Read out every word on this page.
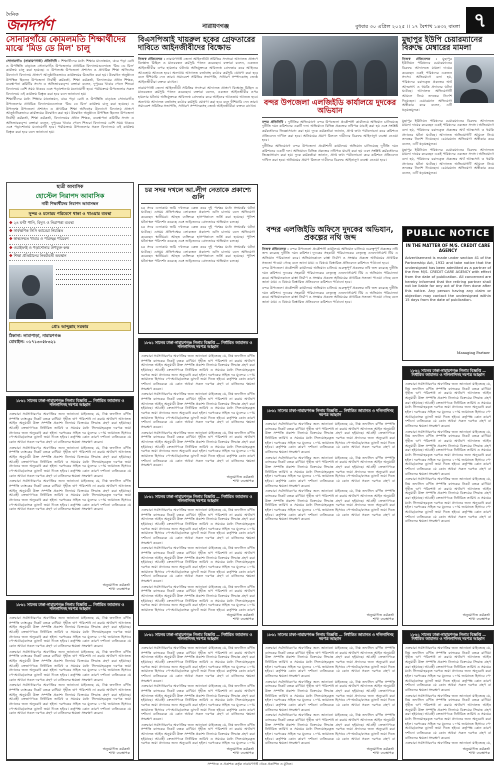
দৈনিক
জনদর্পণ	নারায়ণগঞ্জ	বুধবার ৩০ এপ্রিল ২০২৫ ।। ১৭ বৈশাখ ১৪৩২ বাংলা ৭
সোনারগাঁয়ে কোমলমতি শিক্ষার্থীদের মাঝে 'মিড ডে মিল' চালু

সোনারগাঁও (নারায়ণগঞ্জ) প্রতিনিধি : শিক্ষার্থীদের মধ্যে শিক্ষার মানোন্নয়ন, ঝরে পড়া রোধ ও উপস্থিতি বাড়াতে সোনারগাঁও উপজেলার প্রাথমিক বিদ্যালয়গুলোতে 'মিড ডে মিল' কার্যক্রম চালু করা হয়েছে। এ উপলক্ষে উপজেলা প্রশাসন ও প্রাথমিক শিক্ষা অফিসের উদ্যোগে বিদ্যালয় প্রাঙ্গণে আনুষ্ঠানিকভাবে কার্যক্রমের উদ্বোধন করা হয়। উদ্বোধন অনুষ্ঠানে উপস্থিত ছিলেন উপজেলা নির্বাহী কর্মকর্তা, শিক্ষা কর্মকর্তা, বিদ্যালয়ের প্রধান শিক্ষক, ব্যবস্থাপনা কমিটির সদস্য ও অভিভাবকবৃন্দ। বক্তারা বলেন, দুপুরের খাবার পেলে শিশুরা বিদ্যালয়ে বেশি সময় থাকবে এবং পড়াশোনায় মনোযোগী হবে। পর্যায়ক্রমে উপজেলার সকল বিদ্যালয়ে এই কার্যক্রম বিস্তৃত করা হবে বলে জানানো হয়।

শিক্ষার্থীদের মধ্যে শিক্ষার মানোন্নয়ন, ঝরে পড়া রোধ ও উপস্থিতি বাড়াতে সোনারগাঁও উপজেলার প্রাথমিক বিদ্যালয়গুলোতে 'মিড ডে মিল' কার্যক্রম চালু করা হয়েছে। এ উপলক্ষে উপজেলা প্রশাসন ও প্রাথমিক শিক্ষা অফিসের উদ্যোগে বিদ্যালয় প্রাঙ্গণে আনুষ্ঠানিকভাবে কার্যক্রমের উদ্বোধন করা হয়। উদ্বোধন অনুষ্ঠানে উপস্থিত ছিলেন উপজেলা নির্বাহী কর্মকর্তা, শিক্ষা কর্মকর্তা, বিদ্যালয়ের প্রধান শিক্ষক, ব্যবস্থাপনা কমিটির সদস্য ও অভিভাবকবৃন্দ। বক্তারা বলেন, দুপুরের খাবার পেলে শিশুরা বিদ্যালয়ে বেশি সময় থাকবে এবং পড়াশোনায় মনোযোগী হবে। পর্যায়ক্রমে উপজেলার সকল বিদ্যালয়ে এই কার্যক্রম বিস্তৃত করা হবে বলে জানানো হয়।

বিএসপিআই খায়রুল হকের গ্রেফতারের দাবিতে আইনজীবীদের বিক্ষোভ

নিজস্ব প্রতিবেদক : নারায়ণগঞ্জ জেলা আইনজীবী সমিতির সদস্যরা আদালত প্রাঙ্গণে বিক্ষোভ মিছিল ও মানববন্ধন কর্মসূচি পালন করেছেন। বক্তারা বলেন, একজন আইনজীবীর ওপর হামলার ঘটনায় অভিযুক্তকে অবিলম্বে গ্রেফতার করে আইনের আওতায় আনতে হবে। অন্যথায় আদালত বর্জনসহ কঠোর কর্মসূচি ঘোষণা করা হবে বলে হুঁশিয়ারি দেন তারা। সমাবেশে সমিতির সভাপতি, সাধারণ সম্পাদকসহ জ্যেষ্ঠ আইনজীবীরা বক্তব্য রাখেন।

নারায়ণগঞ্জ জেলা আইনজীবী সমিতির সদস্যরা আদালত প্রাঙ্গণে বিক্ষোভ মিছিল ও মানববন্ধন কর্মসূচি পালন করেছেন। বক্তারা বলেন, একজন আইনজীবীর ওপর হামলার ঘটনায় অভিযুক্তকে অবিলম্বে গ্রেফতার করে আইনের আওতায় আনতে হবে। অন্যথায় আদালত বর্জনসহ কঠোর কর্মসূচি ঘোষণা করা হবে বলে হুঁশিয়ারি দেন তারা। সমাবেশে সমিতির সভাপতি, সাধারণ সম্পাদকসহ জ্যেষ্ঠ আইনজীবীরা বক্তব্য রাখেন। বন্দর উপজেলা এলজিইডি কার্যালয়ে দুদকের অভিযান

বন্দর প্রতিনিধি : দুর্নীতির অভিযোগে বন্দর উপজেলা প্রকৌশলী কার্যালয়ে অভিযান চালিয়েছে দুর্নীতি দমন কমিশনের একটি দল। অভিযানে বিভিন্ন প্রকল্পের নথিপত্র যাচাই করা হয় এবং সংশ্লিষ্ট কর্মকর্তাদের জিজ্ঞাসাবাদ করা হয়। দুদক কর্মকর্তারা জানান, প্রাপ্ত তথ্য পর্যালোচনা করে কমিশনে প্রতিবেদন দাখিল করা হবে। অনিয়মের প্রমাণ মিললে দায়ীদের বিরুদ্ধে আইনানুগ ব্যবস্থা নেওয়া হবে।

দুর্নীতির অভিযোগে বন্দর উপজেলা প্রকৌশলী কার্যালয়ে অভিযান চালিয়েছে দুর্নীতি দমন কমিশনের একটি দল। অভিযানে বিভিন্ন প্রকল্পের নথিপত্র যাচাই করা হয় এবং সংশ্লিষ্ট কর্মকর্তাদের জিজ্ঞাসাবাদ করা হয়। দুদক কর্মকর্তারা জানান, প্রাপ্ত তথ্য পর্যালোচনা করে কমিশনে প্রতিবেদন দাখিল করা হবে। অনিয়মের প্রমাণ মিললে দায়ীদের বিরুদ্ধে আইনানুগ ব্যবস্থা নেওয়া হবে।

মুছাপুর ইউপি চেয়ারম্যানের বিরুদ্ধে মেম্বারের মামলা

নিজস্ব প্রতিবেদক : মুছাপুর ইউনিয়ন পরিষদের চেয়ারম্যানের বিরুদ্ধে আদালতে মামলা দায়ের করেছেন একই পরিষদের একজন সদস্য। অভিযোগে বলা হয়, পরিষদের বরাদ্দকৃত প্রকল্পের অর্থ আত্মসাৎ ও হুমকি প্রদানের ঘটনা ঘটেছে। আদালত অভিযোগটি আমলে নিয়ে তদন্তের নির্দেশ দিয়েছেন। চেয়ারম্যান অভিযোগ অস্বীকার করে বলেন, এটি ষড়যন্ত্রমূলক।

মুছাপুর ইউনিয়ন পরিষদের চেয়ারম্যানের বিরুদ্ধে আদালতে মামলা দায়ের করেছেন একই পরিষদের একজন সদস্য। অভিযোগে বলা হয়, পরিষদের বরাদ্দকৃত প্রকল্পের অর্থ আত্মসাৎ ও হুমকি প্রদানের ঘটনা ঘটেছে। আদালত অভিযোগটি আমলে নিয়ে তদন্তের নির্দেশ দিয়েছেন। চেয়ারম্যান অভিযোগ অস্বীকার করে বলেন, এটি ষড়যন্ত্রমূলক।

মুছাপুর ইউনিয়ন পরিষদের চেয়ারম্যানের বিরুদ্ধে আদালতে মামলা দায়ের করেছেন একই পরিষদের একজন সদস্য। অভিযোগে বলা হয়, পরিষদের বরাদ্দকৃত প্রকল্পের অর্থ আত্মসাৎ ও হুমকি প্রদানের ঘটনা ঘটেছে। আদালত অভিযোগটি আমলে নিয়ে তদন্তের নির্দেশ দিয়েছেন। চেয়ারম্যান অভিযোগ অস্বীকার করে বলেন, এটি ষড়যন্ত্রমূলক।

ছাত্রী আবাসিক
হোস্টেল নিরাপদ আবাসিক
নারী শিক্ষার্থীদের নিরাপদ আবাসস্থল
সুন্দর ও মনোরম পরিবেশে থাকা ও খাওয়ার ব্যবস্থা
❖ ২৪ ঘণ্টা পানি, বিদ্যুৎ ও নিরাপত্তা ব্যবস্থা
❖ সার্বক্ষণিক সিসি ক্যামেরা নিয়ন্ত্রিত
❖ স্বাস্থ্যসম্মত খাবার ও পরিচ্ছন্ন পরিবেশ
❖ ওয়াইফাই ও পড়াশোনার উপযুক্ত কক্ষ
❖ শিক্ষা প্রতিষ্ঠানের নিকটবর্তী অবস্থান
প্রোঃ আব্দুল্লাহ সরকার
ঠিকানা: লামাপাড়া, নারায়ণগঞ্জ
মোবাইল: ০১৭১৩০৫৮৩২১
চর সদর দখলে আ.লীগ নেতাকে প্রকাশ্যে গুলি

চর সদর এলাকায় জমি দখলকে কেন্দ্র করে দুই পক্ষের মধ্যে সংঘর্ষের ঘটনা ঘটেছে। এসময় প্রতিপক্ষের লোকজন প্রকাশ্যে গুলি চালায় বলে অভিযোগ করেছেন স্থানীয়রা। আহত ব্যক্তিকে হাসপাতালে ভর্তি করা হয়েছে। পুলিশ ঘটনাস্থল পরিদর্শন করেছে এবং জড়িতদের গ্রেফতারে অভিযান চলছে।

চর সদর এলাকায় জমি দখলকে কেন্দ্র করে দুই পক্ষের মধ্যে সংঘর্ষের ঘটনা ঘটেছে। এসময় প্রতিপক্ষের লোকজন প্রকাশ্যে গুলি চালায় বলে অভিযোগ করেছেন স্থানীয়রা। আহত ব্যক্তিকে হাসপাতালে ভর্তি করা হয়েছে। পুলিশ ঘটনাস্থল পরিদর্শন করেছে এবং জড়িতদের গ্রেফতারে অভিযান চলছে।

চর সদর এলাকায় জমি দখলকে কেন্দ্র করে দুই পক্ষের মধ্যে সংঘর্ষের ঘটনা ঘটেছে। এসময় প্রতিপক্ষের লোকজন প্রকাশ্যে গুলি চালায় বলে অভিযোগ করেছেন স্থানীয়রা। আহত ব্যক্তিকে হাসপাতালে ভর্তি করা হয়েছে। পুলিশ ঘটনাস্থল পরিদর্শন করেছে এবং জড়িতদের গ্রেফতারে অভিযান চলছে।

বন্দর এলজিইডি অফিসে দুদকের অভিযান, প্রকল্পের নথি জব্দ

নিজস্ব প্রতিবেদক : বন্দর উপজেলা প্রকৌশলী কার্যালয়ে অভিযান চালিয়ে গুরুত্বপূর্ণ প্রকল্পের নথি জব্দ করেছে দুর্নীতি দমন কমিশন। দুদকের সহকারী পরিচালকের নেতৃত্বে এনফোর্সমেন্ট টিম এ অভিযান পরিচালনা করে। অভিযানকালে রাস্তা নির্মাণ ও সংস্কার প্রকল্পে অনিয়মের প্রাথমিক সত্যতা পাওয়া গেছে বলে জানা যায়। এ বিষয়ে বিস্তারিত প্রতিবেদন কমিশনে পাঠানো হবে।

বন্দর উপজেলা প্রকৌশলী কার্যালয়ে অভিযান চালিয়ে গুরুত্বপূর্ণ প্রকল্পের নথি জব্দ করেছে দুর্নীতি দমন কমিশন। দুদকের সহকারী পরিচালকের নেতৃত্বে এনফোর্সমেন্ট টিম এ অভিযান পরিচালনা করে। অভিযানকালে রাস্তা নির্মাণ ও সংস্কার প্রকল্পে অনিয়মের প্রাথমিক সত্যতা পাওয়া গেছে বলে জানা যায়। এ বিষয়ে বিস্তারিত প্রতিবেদন কমিশনে পাঠানো হবে।

বন্দর উপজেলা প্রকৌশলী কার্যালয়ে অভিযান চালিয়ে গুরুত্বপূর্ণ প্রকল্পের নথি জব্দ করেছে দুর্নীতি দমন কমিশন। দুদকের সহকারী পরিচালকের নেতৃত্বে এনফোর্সমেন্ট টিম এ অভিযান পরিচালনা করে। অভিযানকালে রাস্তা নির্মাণ ও সংস্কার প্রকল্পে অনিয়মের প্রাথমিক সত্যতা পাওয়া গেছে বলে জানা যায়। এ বিষয়ে বিস্তারিত প্রতিবেদন কমিশনে পাঠানো হবে।

PUBLIC NOTICE
IN THE MATTER OF M/S. CREDIT CARE AGENCY
Advertisement is made under section 41 of the Partnership Act, 1932 and take notice that the undersigned has been admitted as a partner of the firm M/S. CREDIT CARE AGENCY with effect from the date of publication. All concerned are hereby informed that the retiring partner shall not be liable for any act of the firm done after this notice. Any person having any claim or objection may contact the undersigned within 15 days from the date of publication.
Managing Partner
১৮৬১ সালের ঢাকা-নারায়ণগঞ্জ নিলাম বিজ্ঞপ্তি — নির্ধারিত জামানত ও দলিলাদিসহ দরপত্র আহ্বান

এতদ্বারা সর্বসাধারণের অবগতির জন্য জানানো যাইতেছে যে, নিম্ন তফসিল বর্ণিত সম্পত্তি ব্যাংকের নিকট বন্ধক রাখিয়া গৃহীত ঋণ পরিশোধ না করায় অর্থঋণ আদালত আইন অনুযায়ী উক্ত সম্পত্তি প্রকাশ্য নিলামে বিক্রয়ের সিদ্ধান্ত গ্রহণ করা হইয়াছে। আগ্রহী ক্রেতাগণকে নির্ধারিত তারিখ ও সময়ের মধ্যে সিলমোহরকৃত দরপত্র জমা প্রদানের জন্য অনুরোধ করা হইল। দরপত্রের সহিত দর মূল্যের ১০% জামানত হিসাবে পে-অর্ডার/ব্যাংক ড্রাফট জমা দিতে হইবে। কর্তৃপক্ষ কোন কারণ দর্শানো ব্যতিরেকে যে কোন অথবা সকল দরপত্র গ্রহণ বা বাতিলের ক্ষমতা সংরক্ষণ করেন।

এতদ্বারা সর্বসাধারণের অবগতির জন্য জানানো যাইতেছে যে, নিম্ন তফসিল বর্ণিত সম্পত্তি ব্যাংকের নিকট বন্ধক রাখিয়া গৃহীত ঋণ পরিশোধ না করায় অর্থঋণ আদালত আইন অনুযায়ী উক্ত সম্পত্তি প্রকাশ্য নিলামে বিক্রয়ের সিদ্ধান্ত গ্রহণ করা হইয়াছে। আগ্রহী ক্রেতাগণকে নির্ধারিত তারিখ ও সময়ের মধ্যে সিলমোহরকৃত দরপত্র জমা প্রদানের জন্য অনুরোধ করা হইল। দরপত্রের সহিত দর মূল্যের ১০% জামানত হিসাবে পে-অর্ডার/ব্যাংক ড্রাফট জমা দিতে হইবে। কর্তৃপক্ষ কোন কারণ দর্শানো ব্যতিরেকে যে কোন অথবা সকল দরপত্র গ্রহণ বা বাতিলের ক্ষমতা সংরক্ষণ করেন।

এতদ্বারা সর্বসাধারণের অবগতির জন্য জানানো যাইতেছে যে, নিম্ন তফসিল বর্ণিত সম্পত্তি ব্যাংকের নিকট বন্ধক রাখিয়া গৃহীত ঋণ পরিশোধ না করায় অর্থঋণ আদালত আইন অনুযায়ী উক্ত সম্পত্তি প্রকাশ্য নিলামে বিক্রয়ের সিদ্ধান্ত গ্রহণ করা হইয়াছে। আগ্রহী ক্রেতাগণকে নির্ধারিত তারিখ ও সময়ের মধ্যে সিলমোহরকৃত দরপত্র জমা প্রদানের জন্য অনুরোধ করা হইল। দরপত্রের সহিত দর মূল্যের ১০% জামানত হিসাবে পে-অর্ডার/ব্যাংক ড্রাফট জমা দিতে হইবে। কর্তৃপক্ষ কোন কারণ দর্শানো ব্যতিরেকে যে কোন অথবা সকল দরপত্র গ্রহণ বা বাতিলের ক্ষমতা সংরক্ষণ করেন।

অনুমোদিত কর্মকর্তা
শাখা ব্যবস্থাপক
১৮৬১ সালের ঢাকা-নারায়ণগঞ্জ নিলাম বিজ্ঞপ্তি — নির্ধারিত জামানত ও দলিলাদিসহ দরপত্র আহ্বান

এতদ্বারা সর্বসাধারণের অবগতির জন্য জানানো যাইতেছে যে, নিম্ন তফসিল বর্ণিত সম্পত্তি ব্যাংকের নিকট বন্ধক রাখিয়া গৃহীত ঋণ পরিশোধ না করায় অর্থঋণ আদালত আইন অনুযায়ী উক্ত সম্পত্তি প্রকাশ্য নিলামে বিক্রয়ের সিদ্ধান্ত গ্রহণ করা হইয়াছে। আগ্রহী ক্রেতাগণকে নির্ধারিত তারিখ ও সময়ের মধ্যে সিলমোহরকৃত দরপত্র জমা প্রদানের জন্য অনুরোধ করা হইল। দরপত্রের সহিত দর মূল্যের ১০% জামানত হিসাবে পে-অর্ডার/ব্যাংক ড্রাফট জমা দিতে হইবে। কর্তৃপক্ষ কোন কারণ দর্শানো ব্যতিরেকে যে কোন অথবা সকল দরপত্র গ্রহণ বা বাতিলের ক্ষমতা সংরক্ষণ করেন।

এতদ্বারা সর্বসাধারণের অবগতির জন্য জানানো যাইতেছে যে, নিম্ন তফসিল বর্ণিত সম্পত্তি ব্যাংকের নিকট বন্ধক রাখিয়া গৃহীত ঋণ পরিশোধ না করায় অর্থঋণ আদালত আইন অনুযায়ী উক্ত সম্পত্তি প্রকাশ্য নিলামে বিক্রয়ের সিদ্ধান্ত গ্রহণ করা হইয়াছে। আগ্রহী ক্রেতাগণকে নির্ধারিত তারিখ ও সময়ের মধ্যে সিলমোহরকৃত দরপত্র জমা প্রদানের জন্য অনুরোধ করা হইল। দরপত্রের সহিত দর মূল্যের ১০% জামানত হিসাবে পে-অর্ডার/ব্যাংক ড্রাফট জমা দিতে হইবে। কর্তৃপক্ষ কোন কারণ দর্শানো ব্যতিরেকে যে কোন অথবা সকল দরপত্র গ্রহণ বা বাতিলের ক্ষমতা সংরক্ষণ করেন।

এতদ্বারা সর্বসাধারণের অবগতির জন্য জানানো যাইতেছে যে, নিম্ন তফসিল বর্ণিত সম্পত্তি ব্যাংকের নিকট বন্ধক রাখিয়া গৃহীত ঋণ পরিশোধ না করায় অর্থঋণ আদালত আইন অনুযায়ী উক্ত সম্পত্তি প্রকাশ্য নিলামে বিক্রয়ের সিদ্ধান্ত গ্রহণ করা হইয়াছে। আগ্রহী ক্রেতাগণকে নির্ধারিত তারিখ ও সময়ের মধ্যে সিলমোহরকৃত দরপত্র জমা প্রদানের জন্য অনুরোধ করা হইল। দরপত্রের সহিত দর মূল্যের ১০% জামানত হিসাবে পে-অর্ডার/ব্যাংক ড্রাফট জমা দিতে হইবে। কর্তৃপক্ষ কোন কারণ দর্শানো ব্যতিরেকে যে কোন অথবা সকল দরপত্র গ্রহণ বা বাতিলের ক্ষমতা সংরক্ষণ করেন।

অনুমোদিত কর্মকর্তা
শাখা ব্যবস্থাপক
১৮৬১ সালের ঢাকা-নারায়ণগঞ্জ নিলাম বিজ্ঞপ্তি — নির্ধারিত জামানত ও দলিলাদিসহ দরপত্র আহ্বান

এতদ্বারা সর্বসাধারণের অবগতির জন্য জানানো যাইতেছে যে, নিম্ন তফসিল বর্ণিত সম্পত্তি ব্যাংকের নিকট বন্ধক রাখিয়া গৃহীত ঋণ পরিশোধ না করায় অর্থঋণ আদালত আইন অনুযায়ী উক্ত সম্পত্তি প্রকাশ্য নিলামে বিক্রয়ের সিদ্ধান্ত গ্রহণ করা হইয়াছে। আগ্রহী ক্রেতাগণকে নির্ধারিত তারিখ ও সময়ের মধ্যে সিলমোহরকৃত দরপত্র জমা প্রদানের জন্য অনুরোধ করা হইল। দরপত্রের সহিত দর মূল্যের ১০% জামানত হিসাবে পে-অর্ডার/ব্যাংক ড্রাফট জমা দিতে হইবে। কর্তৃপক্ষ কোন কারণ দর্শানো ব্যতিরেকে যে কোন অথবা সকল দরপত্র গ্রহণ বা বাতিলের ক্ষমতা সংরক্ষণ করেন।

এতদ্বারা সর্বসাধারণের অবগতির জন্য জানানো যাইতেছে যে, নিম্ন তফসিল বর্ণিত সম্পত্তি ব্যাংকের নিকট বন্ধক রাখিয়া গৃহীত ঋণ পরিশোধ না করায় অর্থঋণ আদালত আইন অনুযায়ী উক্ত সম্পত্তি প্রকাশ্য নিলামে বিক্রয়ের সিদ্ধান্ত গ্রহণ করা হইয়াছে। আগ্রহী ক্রেতাগণকে নির্ধারিত তারিখ ও সময়ের মধ্যে সিলমোহরকৃত দরপত্র জমা প্রদানের জন্য অনুরোধ করা হইল। দরপত্রের সহিত দর মূল্যের ১০% জামানত হিসাবে পে-অর্ডার/ব্যাংক ড্রাফট জমা দিতে হইবে। কর্তৃপক্ষ কোন কারণ দর্শানো ব্যতিরেকে যে কোন অথবা সকল দরপত্র গ্রহণ বা বাতিলের ক্ষমতা সংরক্ষণ করেন।

এতদ্বারা সর্বসাধারণের অবগতির জন্য জানানো যাইতেছে যে, নিম্ন তফসিল বর্ণিত সম্পত্তি ব্যাংকের নিকট বন্ধক রাখিয়া গৃহীত ঋণ পরিশোধ না করায় অর্থঋণ আদালত আইন অনুযায়ী উক্ত সম্পত্তি প্রকাশ্য নিলামে বিক্রয়ের সিদ্ধান্ত গ্রহণ করা হইয়াছে। আগ্রহী ক্রেতাগণকে নির্ধারিত তারিখ ও সময়ের মধ্যে সিলমোহরকৃত দরপত্র জমা প্রদানের জন্য অনুরোধ করা হইল। দরপত্রের সহিত দর মূল্যের ১০% জামানত হিসাবে পে-অর্ডার/ব্যাংক ড্রাফট জমা দিতে হইবে। কর্তৃপক্ষ কোন কারণ দর্শানো ব্যতিরেকে যে কোন অথবা সকল দরপত্র গ্রহণ বা বাতিলের ক্ষমতা সংরক্ষণ করেন।

অনুমোদিত কর্মকর্তা
শাখা ব্যবস্থাপক
১৮৬১ সালের ঢাকা-নারায়ণগঞ্জ নিলাম বিজ্ঞপ্তি — নির্ধারিত জামানত ও দলিলাদিসহ দরপত্র আহ্বান

এতদ্বারা সর্বসাধারণের অবগতির জন্য জানানো যাইতেছে যে, নিম্ন তফসিল বর্ণিত সম্পত্তি ব্যাংকের নিকট বন্ধক রাখিয়া গৃহীত ঋণ পরিশোধ না করায় অর্থঋণ আদালত আইন অনুযায়ী উক্ত সম্পত্তি প্রকাশ্য নিলামে বিক্রয়ের সিদ্ধান্ত গ্রহণ করা হইয়াছে। আগ্রহী ক্রেতাগণকে নির্ধারিত তারিখ ও সময়ের মধ্যে সিলমোহরকৃত দরপত্র জমা প্রদানের জন্য অনুরোধ করা হইল। দরপত্রের সহিত দর মূল্যের ১০% জামানত হিসাবে পে-অর্ডার/ব্যাংক ড্রাফট জমা দিতে হইবে। কর্তৃপক্ষ কোন কারণ দর্শানো ব্যতিরেকে যে কোন অথবা সকল দরপত্র গ্রহণ বা বাতিলের ক্ষমতা সংরক্ষণ করেন।

এতদ্বারা সর্বসাধারণের অবগতির জন্য জানানো যাইতেছে যে, নিম্ন তফসিল বর্ণিত সম্পত্তি ব্যাংকের নিকট বন্ধক রাখিয়া গৃহীত ঋণ পরিশোধ না করায় অর্থঋণ আদালত আইন অনুযায়ী উক্ত সম্পত্তি প্রকাশ্য নিলামে বিক্রয়ের সিদ্ধান্ত গ্রহণ করা হইয়াছে। আগ্রহী ক্রেতাগণকে নির্ধারিত তারিখ ও সময়ের মধ্যে সিলমোহরকৃত দরপত্র জমা প্রদানের জন্য অনুরোধ করা হইল। দরপত্রের সহিত দর মূল্যের ১০% জামানত হিসাবে পে-অর্ডার/ব্যাংক ড্রাফট জমা দিতে হইবে। কর্তৃপক্ষ কোন কারণ দর্শানো ব্যতিরেকে যে কোন অথবা সকল দরপত্র গ্রহণ বা বাতিলের ক্ষমতা সংরক্ষণ করেন।

এতদ্বারা সর্বসাধারণের অবগতির জন্য জানানো যাইতেছে যে, নিম্ন তফসিল বর্ণিত সম্পত্তি ব্যাংকের নিকট বন্ধক রাখিয়া গৃহীত ঋণ পরিশোধ না করায় অর্থঋণ আদালত আইন অনুযায়ী উক্ত সম্পত্তি প্রকাশ্য নিলামে বিক্রয়ের সিদ্ধান্ত গ্রহণ করা হইয়াছে। আগ্রহী ক্রেতাগণকে নির্ধারিত তারিখ ও সময়ের মধ্যে সিলমোহরকৃত দরপত্র জমা প্রদানের জন্য অনুরোধ করা হইল। দরপত্রের সহিত দর মূল্যের ১০% জামানত হিসাবে পে-অর্ডার/ব্যাংক ড্রাফট জমা দিতে হইবে। কর্তৃপক্ষ কোন কারণ দর্শানো ব্যতিরেকে যে কোন অথবা সকল দরপত্র গ্রহণ বা বাতিলের ক্ষমতা সংরক্ষণ করেন।

অনুমোদিত কর্মকর্তা
শাখা ব্যবস্থাপক
১৮৬১ সালের ঢাকা-নারায়ণগঞ্জ নিলাম বিজ্ঞপ্তি — নির্ধারিত জামানত ও দলিলাদিসহ দরপত্র আহ্বান

এতদ্বারা সর্বসাধারণের অবগতির জন্য জানানো যাইতেছে যে, নিম্ন তফসিল বর্ণিত সম্পত্তি ব্যাংকের নিকট বন্ধক রাখিয়া গৃহীত ঋণ পরিশোধ না করায় অর্থঋণ আদালত আইন অনুযায়ী উক্ত সম্পত্তি প্রকাশ্য নিলামে বিক্রয়ের সিদ্ধান্ত গ্রহণ করা হইয়াছে। আগ্রহী ক্রেতাগণকে নির্ধারিত তারিখ ও সময়ের মধ্যে সিলমোহরকৃত দরপত্র জমা প্রদানের জন্য অনুরোধ করা হইল। দরপত্রের সহিত দর মূল্যের ১০% জামানত হিসাবে পে-অর্ডার/ব্যাংক ড্রাফট জমা দিতে হইবে। কর্তৃপক্ষ কোন কারণ দর্শানো ব্যতিরেকে যে কোন অথবা সকল দরপত্র গ্রহণ বা বাতিলের ক্ষমতা সংরক্ষণ করেন।

এতদ্বারা সর্বসাধারণের অবগতির জন্য জানানো যাইতেছে যে, নিম্ন তফসিল বর্ণিত সম্পত্তি ব্যাংকের নিকট বন্ধক রাখিয়া গৃহীত ঋণ পরিশোধ না করায় অর্থঋণ আদালত আইন অনুযায়ী উক্ত সম্পত্তি প্রকাশ্য নিলামে বিক্রয়ের সিদ্ধান্ত গ্রহণ করা হইয়াছে। আগ্রহী ক্রেতাগণকে নির্ধারিত তারিখ ও সময়ের মধ্যে সিলমোহরকৃত দরপত্র জমা প্রদানের জন্য অনুরোধ করা হইল। দরপত্রের সহিত দর মূল্যের ১০% জামানত হিসাবে পে-অর্ডার/ব্যাংক ড্রাফট জমা দিতে হইবে। কর্তৃপক্ষ কোন কারণ দর্শানো ব্যতিরেকে যে কোন অথবা সকল দরপত্র গ্রহণ বা বাতিলের ক্ষমতা সংরক্ষণ করেন।

এতদ্বারা সর্বসাধারণের অবগতির জন্য জানানো যাইতেছে যে, নিম্ন তফসিল বর্ণিত সম্পত্তি ব্যাংকের নিকট বন্ধক রাখিয়া গৃহীত ঋণ পরিশোধ না করায় অর্থঋণ আদালত আইন অনুযায়ী উক্ত সম্পত্তি প্রকাশ্য নিলামে বিক্রয়ের সিদ্ধান্ত গ্রহণ করা হইয়াছে। আগ্রহী ক্রেতাগণকে নির্ধারিত তারিখ ও সময়ের মধ্যে সিলমোহরকৃত দরপত্র জমা প্রদানের জন্য অনুরোধ করা হইল। দরপত্রের সহিত দর মূল্যের ১০% জামানত হিসাবে পে-অর্ডার/ব্যাংক ড্রাফট জমা দিতে হইবে। কর্তৃপক্ষ কোন কারণ

অনুমোদিত কর্মকর্তা
শাখা ব্যবস্থাপক
১৮৬১ সালের ঢাকা-নারায়ণগঞ্জ নিলাম বিজ্ঞপ্তি — নির্ধারিত জামানত ও দলিলাদিসহ দরপত্র আহ্বান

এতদ্বারা সর্বসাধারণের অবগতির জন্য জানানো যাইতেছে যে, নিম্ন তফসিল বর্ণিত সম্পত্তি ব্যাংকের নিকট বন্ধক রাখিয়া গৃহীত ঋণ পরিশোধ না করায় অর্থঋণ আদালত আইন অনুযায়ী উক্ত সম্পত্তি প্রকাশ্য নিলামে বিক্রয়ের সিদ্ধান্ত গ্রহণ করা হইয়াছে। আগ্রহী ক্রেতাগণকে নির্ধারিত তারিখ ও সময়ের মধ্যে সিলমোহরকৃত দরপত্র জমা প্রদানের জন্য অনুরোধ করা হইল। দরপত্রের সহিত দর মূল্যের ১০% জামানত হিসাবে পে-অর্ডার/ব্যাংক ড্রাফট জমা দিতে হইবে। কর্তৃপক্ষ কোন কারণ দর্শানো ব্যতিরেকে যে কোন অথবা সকল দরপত্র গ্রহণ বা বাতিলের ক্ষমতা সংরক্ষণ করেন।

এতদ্বারা সর্বসাধারণের অবগতির জন্য জানানো যাইতেছে যে, নিম্ন তফসিল বর্ণিত সম্পত্তি ব্যাংকের নিকট বন্ধক রাখিয়া গৃহীত ঋণ পরিশোধ না করায় অর্থঋণ আদালত আইন অনুযায়ী উক্ত সম্পত্তি প্রকাশ্য নিলামে বিক্রয়ের সিদ্ধান্ত গ্রহণ করা হইয়াছে। আগ্রহী ক্রেতাগণকে নির্ধারিত তারিখ ও সময়ের মধ্যে সিলমোহরকৃত দরপত্র জমা প্রদানের জন্য অনুরোধ করা হইল। দরপত্রের সহিত দর মূল্যের ১০% জামানত হিসাবে পে-অর্ডার/ব্যাংক ড্রাফট জমা দিতে হইবে। কর্তৃপক্ষ কোন কারণ দর্শানো ব্যতিরেকে যে কোন অথবা সকল দরপত্র গ্রহণ বা বাতিলের ক্ষমতা সংরক্ষণ করেন।

এতদ্বারা সর্বসাধারণের অবগতির জন্য জানানো যাইতেছে যে, নিম্ন তফসিল বর্ণিত সম্পত্তি ব্যাংকের নিকট বন্ধক রাখিয়া গৃহীত ঋণ পরিশোধ না করায় অর্থঋণ আদালত আইন অনুযায়ী উক্ত সম্পত্তি প্রকাশ্য নিলামে বিক্রয়ের সিদ্ধান্ত গ্রহণ করা হইয়াছে। আগ্রহী ক্রেতাগণকে নির্ধারিত তারিখ ও সময়ের মধ্যে সিলমোহরকৃত দরপত্র জমা প্রদানের জন্য অনুরোধ করা হইল। দরপত্রের সহিত দর মূল্যের ১০% জামানত হিসাবে পে-অর্ডার/ব্যাংক ড্রাফট জমা দিতে হইবে। কর্তৃপক্ষ কোন কারণ দর্শানো ব্যতিরেকে যে কোন অথবা সকল দরপত্র গ্রহণ বা বাতিলের ক্ষমতা সংরক্ষণ করেন।

অনুমোদিত কর্মকর্তা
শাখা ব্যবস্থাপক
১৮৬১ সালের ঢাকা-নারায়ণগঞ্জ নিলাম বিজ্ঞপ্তি — নির্ধারিত জামানত ও দলিলাদিসহ দরপত্র আহ্বান

এতদ্বারা সর্বসাধারণের অবগতির জন্য জানানো যাইতেছে যে, নিম্ন তফসিল বর্ণিত সম্পত্তি ব্যাংকের নিকট বন্ধক রাখিয়া গৃহীত ঋণ পরিশোধ না করায় অর্থঋণ আদালত আইন অনুযায়ী উক্ত সম্পত্তি প্রকাশ্য নিলামে বিক্রয়ের সিদ্ধান্ত গ্রহণ করা হইয়াছে। আগ্রহী ক্রেতাগণকে নির্ধারিত তারিখ ও সময়ের মধ্যে সিলমোহরকৃত দরপত্র জমা প্রদানের জন্য অনুরোধ করা হইল। দরপত্রের সহিত দর মূল্যের ১০% জামানত হিসাবে পে-অর্ডার/ব্যাংক ড্রাফট জমা দিতে হইবে। কর্তৃপক্ষ কোন কারণ দর্শানো ব্যতিরেকে যে কোন অথবা সকল দরপত্র গ্রহণ বা বাতিলের ক্ষমতা সংরক্ষণ করেন।

এতদ্বারা সর্বসাধারণের অবগতির জন্য জানানো যাইতেছে যে, নিম্ন তফসিল বর্ণিত সম্পত্তি ব্যাংকের নিকট বন্ধক রাখিয়া গৃহীত ঋণ পরিশোধ না করায় অর্থঋণ আদালত আইন অনুযায়ী উক্ত সম্পত্তি প্রকাশ্য নিলামে বিক্রয়ের সিদ্ধান্ত গ্রহণ করা হইয়াছে। আগ্রহী ক্রেতাগণকে নির্ধারিত তারিখ ও সময়ের মধ্যে সিলমোহরকৃত দরপত্র জমা প্রদানের জন্য অনুরোধ করা হইল। দরপত্রের সহিত দর মূল্যের ১০% জামানত হিসাবে পে-অর্ডার/ব্যাংক ড্রাফট জমা দিতে হইবে। কর্তৃপক্ষ কোন কারণ দর্শানো ব্যতিরেকে যে কোন অথবা সকল দরপত্র গ্রহণ বা বাতিলের ক্ষমতা সংরক্ষণ করেন।

এতদ্বারা সর্বসাধারণের অবগতির জন্য জানানো যাইতেছে যে, নিম্ন তফসিল বর্ণিত সম্পত্তি ব্যাংকের নিকট বন্ধক রাখিয়া গৃহীত ঋণ পরিশোধ না করায় অর্থঋণ আদালত আইন অনুযায়ী উক্ত সম্পত্তি প্রকাশ্য নিলামে বিক্রয়ের সিদ্ধান্ত গ্রহণ করা হইয়াছে। আগ্রহী ক্রেতাগণকে নির্ধারিত তারিখ ও সময়ের মধ্যে সিলমোহরকৃত দরপত্র জমা প্রদানের জন্য অনুরোধ করা হইল। দরপত্রের সহিত দর মূল্যের ১০%

অনুমোদিত কর্মকর্তা
শাখা ব্যবস্থাপক
১৮৬১ সালের ঢাকা-নারায়ণগঞ্জ নিলাম বিজ্ঞপ্তি — নির্ধারিত জামানত ও দলিলাদিসহ দরপত্র আহ্বান

এতদ্বারা সর্বসাধারণের অবগতির জন্য জানানো যাইতেছে যে, নিম্ন তফসিল বর্ণিত সম্পত্তি ব্যাংকের নিকট বন্ধক রাখিয়া গৃহীত ঋণ পরিশোধ না করায় অর্থঋণ আদালত আইন অনুযায়ী উক্ত সম্পত্তি প্রকাশ্য নিলামে বিক্রয়ের সিদ্ধান্ত গ্রহণ করা হইয়াছে। আগ্রহী ক্রেতাগণকে নির্ধারিত তারিখ ও সময়ের মধ্যে সিলমোহরকৃত দরপত্র জমা প্রদানের জন্য অনুরোধ করা হইল। দরপত্রের সহিত দর মূল্যের ১০% জামানত হিসাবে পে-অর্ডার/ব্যাংক ড্রাফট জমা দিতে হইবে। কর্তৃপক্ষ কোন কারণ দর্শানো ব্যতিরেকে যে কোন অথবা সকল দরপত্র গ্রহণ বা বাতিলের ক্ষমতা সংরক্ষণ করেন।

এতদ্বারা সর্বসাধারণের অবগতির জন্য জানানো যাইতেছে যে, নিম্ন তফসিল বর্ণিত সম্পত্তি ব্যাংকের নিকট বন্ধক রাখিয়া গৃহীত ঋণ পরিশোধ না করায় অর্থঋণ আদালত আইন অনুযায়ী উক্ত সম্পত্তি প্রকাশ্য নিলামে বিক্রয়ের সিদ্ধান্ত গ্রহণ করা হইয়াছে। আগ্রহী ক্রেতাগণকে নির্ধারিত তারিখ ও সময়ের মধ্যে সিলমোহরকৃত দরপত্র জমা প্রদানের জন্য অনুরোধ করা হইল। দরপত্রের সহিত দর মূল্যের ১০% জামানত হিসাবে পে-অর্ডার/ব্যাংক ড্রাফট জমা দিতে হইবে। কর্তৃপক্ষ কোন কারণ দর্শানো ব্যতিরেকে যে কোন অথবা সকল দরপত্র গ্রহণ বা বাতিলের ক্ষমতা সংরক্ষণ করেন।

এতদ্বারা সর্বসাধারণের অবগতির জন্য জানানো যাইতেছে যে, নিম্ন তফসিল বর্ণিত সম্পত্তি ব্যাংকের নিকট বন্ধক রাখিয়া গৃহীত ঋণ পরিশোধ না করায় অর্থঋণ আদালত আইন অনুযায়ী উক্ত সম্পত্তি প্রকাশ্য নিলামে বিক্রয়ের সিদ্ধান্ত গ্রহণ করা হইয়াছে। আগ্রহী ক্রেতাগণকে নির্ধারিত তারিখ ও সময়ের মধ্যে সিলমোহরকৃত দরপত্র জমা প্রদানের জন্য অনুরোধ করা হইল। দরপত্রের সহিত দর মূল্যের ১০% জামানত হিসাবে পে-অর্ডার/ব্যাংক ড্রাফট জমা দিতে হইবে। কর্তৃপক্ষ কোন কারণ দর্শানো ব্যতিরেকে যে কোন অথবা সকল দরপত্র গ্রহণ বা বাতিলের ক্ষমতা সংরক্ষণ করেন।

অনুমোদিত কর্মকর্তা
শাখা ব্যবস্থাপক
১৮৬১ সালের ঢাকা-নারায়ণগঞ্জ নিলাম বিজ্ঞপ্তি — নির্ধারিত জামানত ও দলিলাদিসহ দরপত্র আহ্বান

এতদ্বারা সর্বসাধারণের অবগতির জন্য জানানো যাইতেছে যে, নিম্ন তফসিল বর্ণিত সম্পত্তি ব্যাংকের নিকট বন্ধক রাখিয়া গৃহীত ঋণ পরিশোধ না করায় অর্থঋণ আদালত আইন অনুযায়ী উক্ত সম্পত্তি প্রকাশ্য নিলামে বিক্রয়ের সিদ্ধান্ত গ্রহণ করা হইয়াছে। আগ্রহী ক্রেতাগণকে নির্ধারিত তারিখ ও সময়ের মধ্যে সিলমোহরকৃত দরপত্র জমা প্রদানের জন্য অনুরোধ করা হইল। দরপত্রের সহিত দর মূল্যের ১০% জামানত হিসাবে পে-অর্ডার/ব্যাংক ড্রাফট জমা দিতে হইবে। কর্তৃপক্ষ কোন কারণ দর্শানো ব্যতিরেকে যে কোন অথবা সকল দরপত্র গ্রহণ বা বাতিলের ক্ষমতা সংরক্ষণ করেন।

এতদ্বারা সর্বসাধারণের অবগতির জন্য জানানো যাইতেছে যে, নিম্ন তফসিল বর্ণিত সম্পত্তি ব্যাংকের নিকট বন্ধক রাখিয়া গৃহীত ঋণ পরিশোধ না করায় অর্থঋণ আদালত আইন অনুযায়ী উক্ত সম্পত্তি প্রকাশ্য নিলামে বিক্রয়ের সিদ্ধান্ত গ্রহণ করা হইয়াছে। আগ্রহী ক্রেতাগণকে নির্ধারিত তারিখ ও সময়ের মধ্যে সিলমোহরকৃত দরপত্র জমা প্রদানের জন্য অনুরোধ করা হইল। দরপত্রের সহিত দর মূল্যের ১০% জামানত হিসাবে পে-অর্ডার/ব্যাংক ড্রাফট জমা দিতে হইবে। কর্তৃপক্ষ কোন কারণ দর্শানো ব্যতিরেকে যে কোন অথবা সকল দরপত্র গ্রহণ বা বাতিলের ক্ষমতা সংরক্ষণ করেন।

এতদ্বারা সর্বসাধারণের অবগতির জন্য জানানো যাইতেছে যে,

অনুমোদিত কর্মকর্তা
শাখা ব্যবস্থাপক
সম্পাদক ও প্রকাশক কর্তৃক নারায়ণগঞ্জ থেকে প্রকাশিত ও মুদ্রিত।
